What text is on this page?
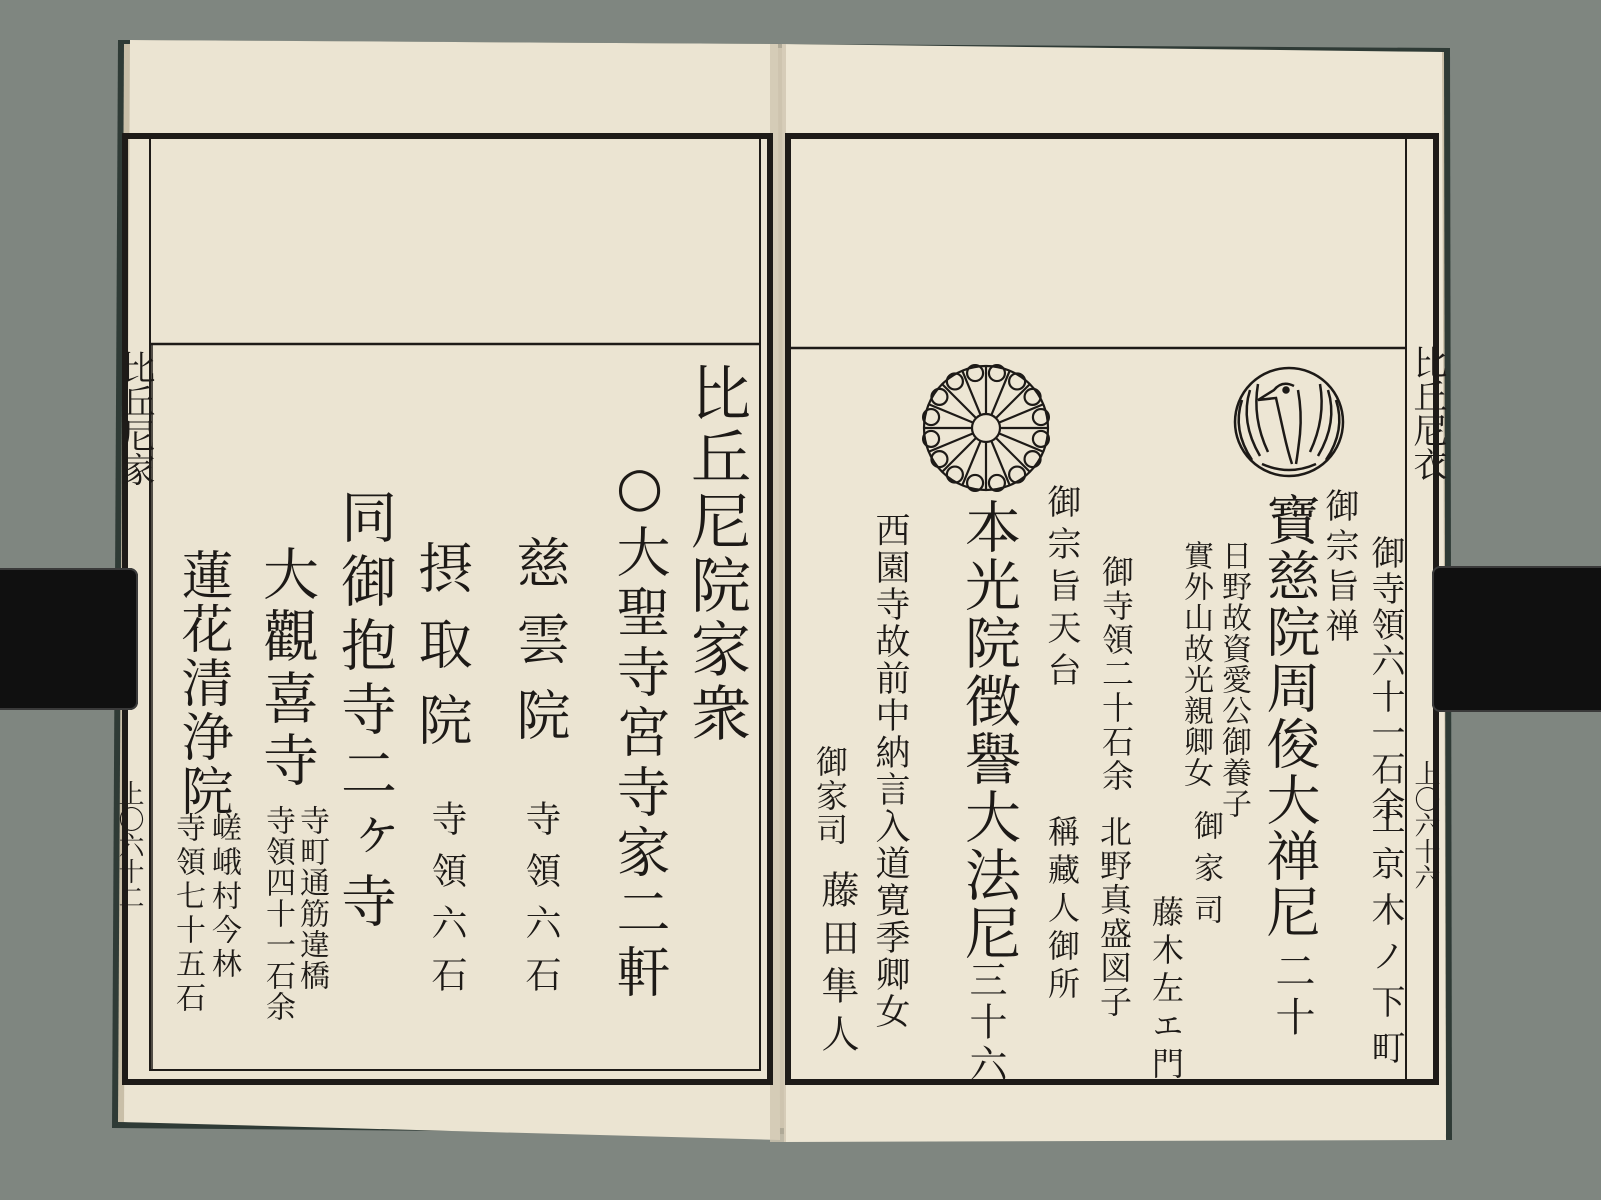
比丘尼家
上〇六十二
比丘尼院家衆
○大聖寺宮寺家二軒
慈雲院
寺領六石
摂取院
寺領六石
同御抱寺二ヶ寺
大觀喜寺
寺町通筋違橋
寺領四十一石余
蓮花清浄院
嵯峨村今林
寺領七十五石
比丘尼衣
上〇六十六
御寺領六十一石余
上京木ノ下町
御宗旨禅
寶慈院周俊大禅尼
二十
日野故資愛公御養子
實外山故光親卿女
御家司
藤木左エ門
御宗旨天台 御寺領二十石余
北野真盛図子
稱藏人御所
本光院徴譽大法尼
三十六
西園寺故前中納言入道寛季卿女
御家司
藤田隼人
